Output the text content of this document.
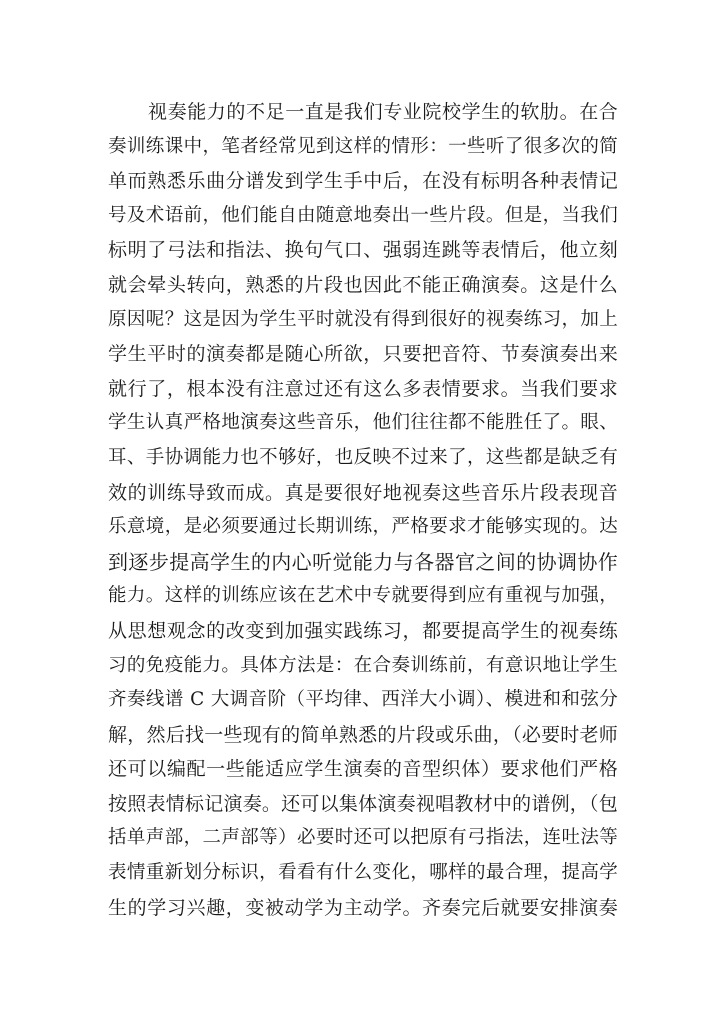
视奏能力的不足一直是我们专业院校学生的软肋。在合
奏训练课中，笔者经常见到这样的情形：一些听了很多次的简
单而熟悉乐曲分谱发到学生手中后，在没有标明各种表情记
号及术语前，他们能自由随意地奏出一些片段。但是，当我们
标明了弓法和指法、换句气口、强弱连跳等表情后，他立刻
就会晕头转向，熟悉的片段也因此不能正确演奏。这是什么
原因呢？这是因为学生平时就没有得到很好的视奏练习，加上
学生平时的演奏都是随心所欲，只要把音符、节奏演奏出来
就行了，根本没有注意过还有这么多表情要求。当我们要求
学生认真严格地演奏这些音乐，他们往往都不能胜任了。眼、
耳、手协调能力也不够好，也反映不过来了，这些都是缺乏有
效的训练导致而成。真是要很好地视奏这些音乐片段表现音
乐意境，是必须要通过长期训练，严格要求才能够实现的。达
到逐步提高学生的内心听觉能力与各器官之间的协调协作
能力。这样的训练应该在艺术中专就要得到应有重视与加强，
从思想观念的改变到加强实践练习，都要提高学生的视奏练
习的免疫能力。具体方法是：在合奏训练前，有意识地让学生
齐奏线谱 C 大调音阶（平均律、西洋大小调）、模进和和弦分
解，然后找一些现有的简单熟悉的片段或乐曲，（必要时老师
还可以编配一些能适应学生演奏的音型织体）要求他们严格
按照表情标记演奏。还可以集体演奏视唱教材中的谱例，（包
括单声部，二声部等）必要时还可以把原有弓指法，连吐法等
表情重新划分标识，看看有什么变化，哪样的最合理，提高学
生的学习兴趣，变被动学为主动学。齐奏完后就要安排演奏
